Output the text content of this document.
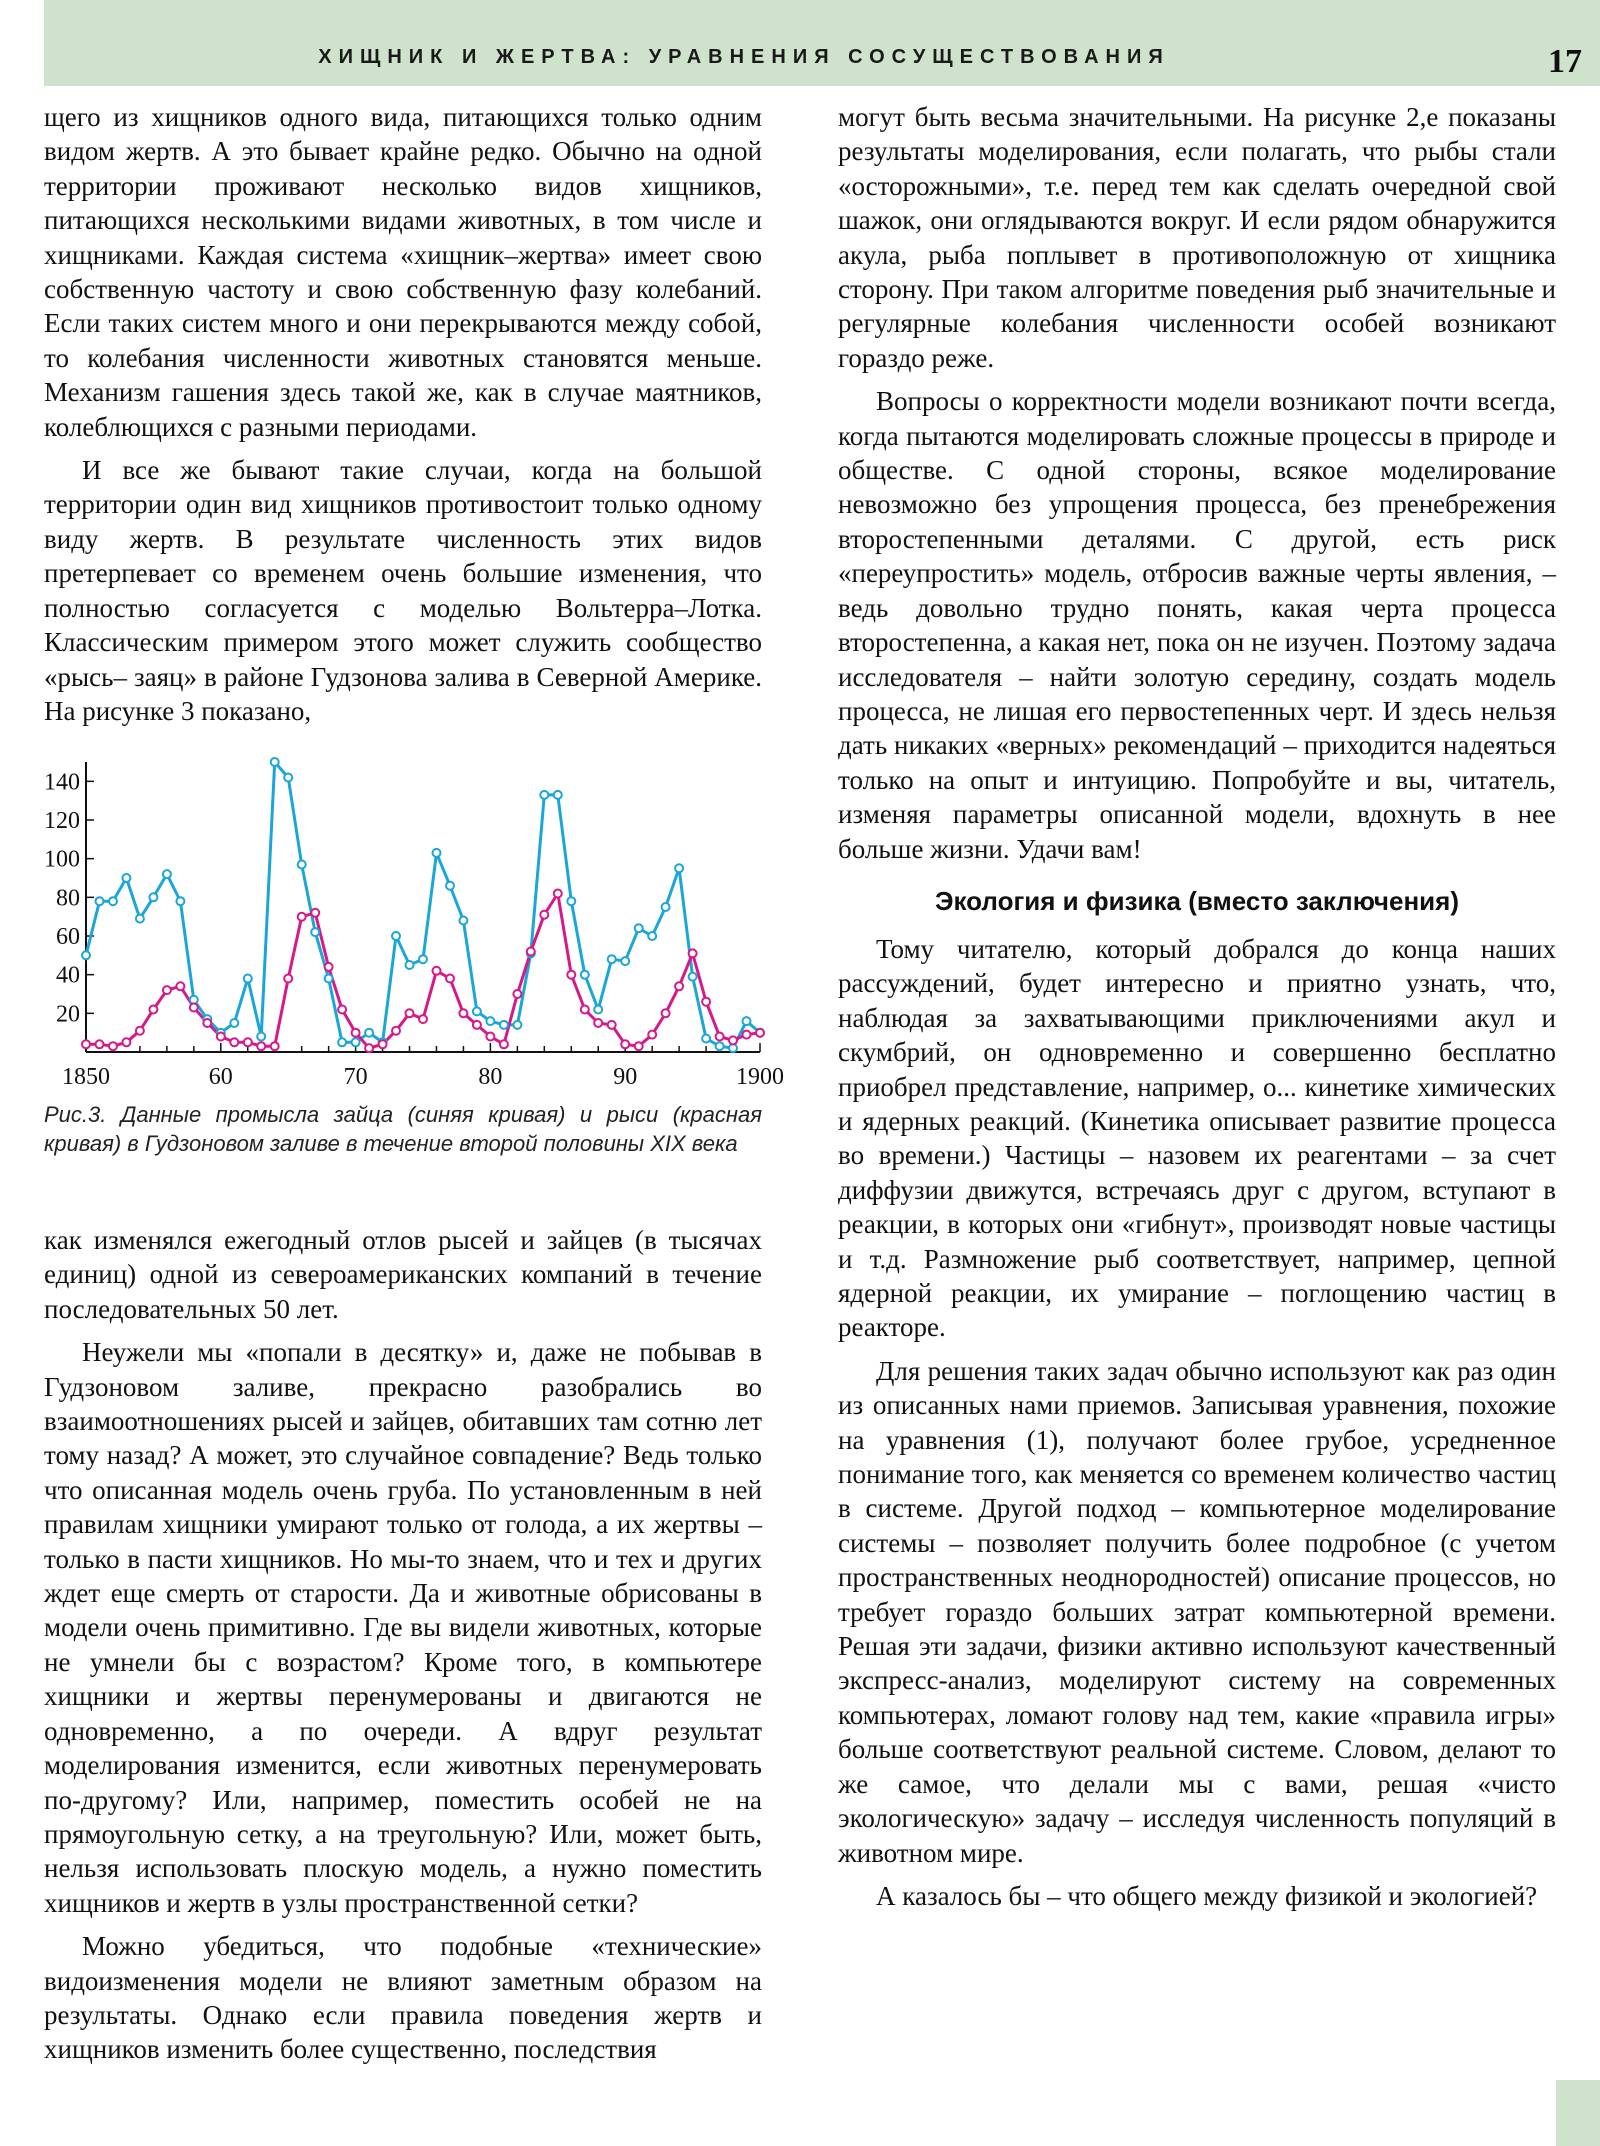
ХИЩНИК И ЖЕРТВА: УРАВНЕНИЯ СОСУЩЕСТВОВАНИЯ	17

щего из хищников одного вида, питающихся только одним видом жертв. А это бывает крайне редко. Обычно на одной территории проживают несколько видов хищников, питающихся несколькими видами животных, в том числе и хищниками. Каждая система «хищник–жертва» имеет свою собственную частоту и свою собственную фазу колебаний. Если таких систем много и они перекрываются между собой, то колебания численности животных становятся меньше. Механизм гашения здесь такой же, как в случае маятников, колеблющихся с разными периодами.

И все же бывают такие случаи, когда на большой территории один вид хищников противостоит только одному виду жертв. В результате численность этих видов претерпевает со временем очень большие изменения, что полностью согласуется с моделью Вольтерра–Лотка. Классическим примером этого может служить сообщество «рысь– заяц» в районе Гудзонова залива в Северной Америке. На рисунке 3 показано,

20
40
60
80
100
120
140
1850	60	70	80	90	1900
Рис.3. Данные промысла зайца (синяя кривая) и рыси (красная кривая) в Гудзоновом заливе в течение второй половины XIX века

как изменялся ежегодный отлов рысей и зайцев (в тысячах единиц) одной из североамериканских компаний в течение последовательных 50 лет.

Неужели мы «попали в десятку» и, даже не побывав в Гудзоновом заливе, прекрасно разобрались во взаимоотношениях рысей и зайцев, обитавших там сотню лет тому назад? А может, это случайное совпадение? Ведь только что описанная модель очень груба. По установленным в ней правилам хищники умирают только от голода, а их жертвы – только в пасти хищников. Но мы-то знаем, что и тех и других ждет еще смерть от старости. Да и животные обрисованы в модели очень примитивно. Где вы видели животных, которые не умнели бы с возрастом? Кроме того, в компьютере хищники и жертвы перенумерованы и двигаются не одновременно, а по очереди. А вдруг результат моделирования изменится, если животных перенумеровать по-другому? Или, например, поместить особей не на прямоугольную сетку, а на треугольную? Или, может быть, нельзя использовать плоскую модель, а нужно поместить хищников и жертв в узлы пространственной сетки?

Можно убедиться, что подобные «технические» видоизменения модели не влияют заметным образом на результаты. Однако если правила поведения жертв и хищников изменить более существенно, последствия

могут быть весьма значительными. На рисунке 2,е показаны результаты моделирования, если полагать, что рыбы стали «осторожными», т.е. перед тем как сделать очередной свой шажок, они оглядываются вокруг. И если рядом обнаружится акула, рыба поплывет в противоположную от хищника сторону. При таком алгоритме поведения рыб значительные и регулярные колебания численности особей возникают гораздо реже.

Вопросы о корректности модели возникают почти всегда, когда пытаются моделировать сложные процессы в природе и обществе. С одной стороны, всякое моделирование невозможно без упрощения процесса, без пренебрежения второстепенными деталями. С другой, есть риск «переупростить» модель, отбросив важные черты явления, – ведь довольно трудно понять, какая черта процесса второстепенна, а какая нет, пока он не изучен. Поэтому задача исследователя – найти золотую середину, создать модель процесса, не лишая его первостепенных черт. И здесь нельзя дать никаких «верных» рекомендаций – приходится надеяться только на опыт и интуицию. Попробуйте и вы, читатель, изменяя параметры описанной модели, вдохнуть в нее больше жизни. Удачи вам!

Экология и физика (вместо заключения)

Тому читателю, который добрался до конца наших рассуждений, будет интересно и приятно узнать, что, наблюдая за захватывающими приключениями акул и скумбрий, он одновременно и совершенно бесплатно приобрел представление, например, о... кинетике химических и ядерных реакций. (Кинетика описывает развитие процесса во времени.) Частицы – назовем их реагентами – за счет диффузии движутся, встречаясь друг с другом, вступают в реакции, в которых они «гибнут», производят новые частицы и т.д. Размножение рыб соответствует, например, цепной ядерной реакции, их умирание – поглощению частиц в реакторе.

Для решения таких задач обычно используют как раз один из описанных нами приемов. Записывая уравнения, похожие на уравнения (1), получают более грубое, усредненное понимание того, как меняется со временем количество частиц в системе. Другой подход – компьютерное моделирование системы – позволяет получить более подробное (с учетом пространственных неоднородностей) описание процессов, но требует гораздо больших затрат компьютерной времени. Решая эти задачи, физики активно используют качественный экспресс-анализ, моделируют систему на современных компьютерах, ломают голову над тем, какие «правила игры» больше соответствуют реальной системе. Словом, делают то же самое, что делали мы с вами, решая «чисто экологическую» задачу – исследуя численность популяций в животном мире.

А казалось бы – что общего между физикой и экологией?
